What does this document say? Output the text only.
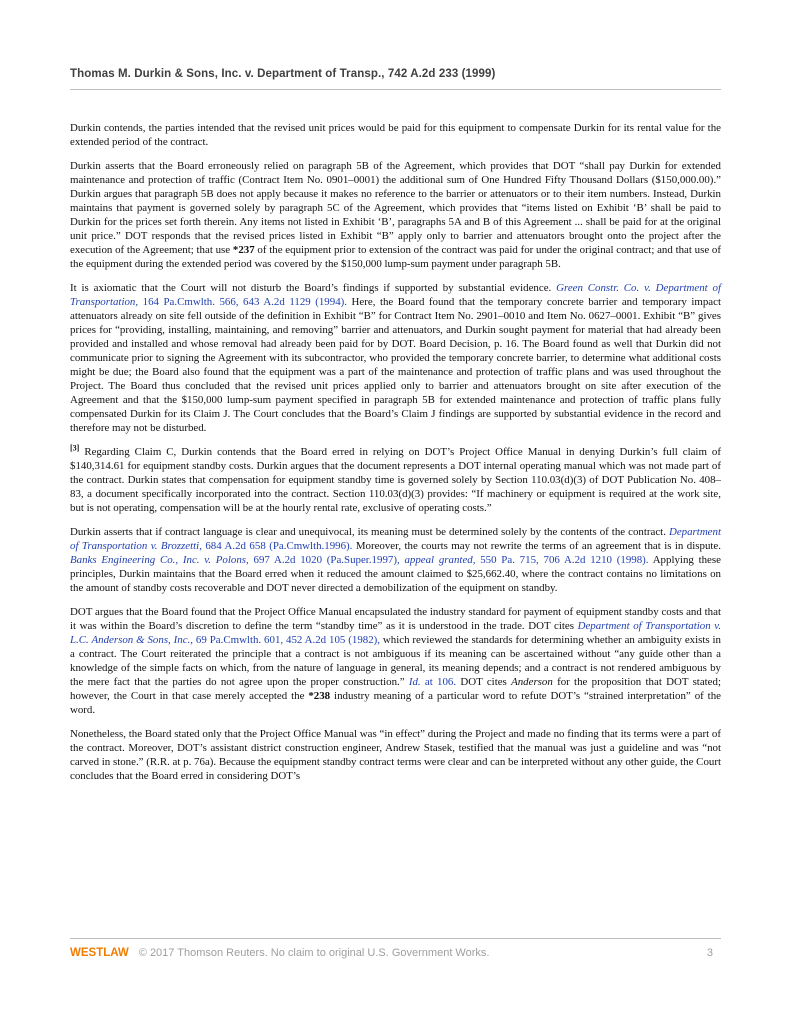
Thomas M. Durkin & Sons, Inc. v. Department of Transp., 742 A.2d 233 (1999)

Durkin contends, the parties intended that the revised unit prices would be paid for this equipment to compensate Durkin for its rental value for the extended period of the contract.

Durkin asserts that the Board erroneously relied on paragraph 5B of the Agreement, which provides that DOT “shall pay Durkin for extended maintenance and protection of traffic (Contract Item No. 0901–0001) the additional sum of One Hundred Fifty Thousand Dollars ($150,000.00).” Durkin argues that paragraph 5B does not apply because it makes no reference to the barrier or attenuators or to their item numbers. Instead, Durkin maintains that payment is governed solely by paragraph 5C of the Agreement, which provides that “items listed on Exhibit ‘B’ shall be paid to Durkin for the prices set forth therein. Any items not listed in Exhibit ‘B’, paragraphs 5A and B of this Agreement ... shall be paid for at the original unit price.” DOT responds that the revised prices listed in Exhibit “B” apply only to barrier and attenuators brought onto the project after the execution of the Agreement; that use *237 of the equipment prior to extension of the contract was paid for under the original contract; and that use of the equipment during the extended period was covered by the $150,000 lump-sum payment under paragraph 5B.

It is axiomatic that the Court will not disturb the Board’s findings if supported by substantial evidence. Green Constr. Co. v. Department of Transportation, 164 Pa.Cmwlth. 566, 643 A.2d 1129 (1994). Here, the Board found that the temporary concrete barrier and temporary impact attenuators already on site fell outside of the definition in Exhibit “B” for Contract Item No. 2901–0010 and Item No. 0627–0001. Exhibit “B” gives prices for “providing, installing, maintaining, and removing” barrier and attenuators, and Durkin sought payment for material that had already been provided and installed and whose removal had already been paid for by DOT. Board Decision, p. 16. The Board found as well that Durkin did not communicate prior to signing the Agreement with its subcontractor, who provided the temporary concrete barrier, to determine what additional costs might be due; the Board also found that the equipment was a part of the maintenance and protection of traffic plans and was used throughout the Project. The Board thus concluded that the revised unit prices applied only to barrier and attenuators brought on site after execution of the Agreement and that the $150,000 lump-sum payment specified in paragraph 5B for extended maintenance and protection of traffic plans fully compensated Durkin for its Claim J. The Court concludes that the Board’s Claim J findings are supported by substantial evidence in the record and therefore may not be disturbed.

[3] Regarding Claim C, Durkin contends that the Board erred in relying on DOT’s Project Office Manual in denying Durkin’s full claim of $140,314.61 for equipment standby costs. Durkin argues that the document represents a DOT internal operating manual which was not made part of the contract. Durkin states that compensation for equipment standby time is governed solely by Section 110.03(d)(3) of DOT Publication No. 408–83, a document specifically incorporated into the contract. Section 110.03(d)(3) provides: “If machinery or equipment is required at the work site, but is not operating, compensation will be at the hourly rental rate, exclusive of operating costs.”

Durkin asserts that if contract language is clear and unequivocal, its meaning must be determined solely by the contents of the contract. Department of Transportation v. Brozzetti, 684 A.2d 658 (Pa.Cmwlth.1996). Moreover, the courts may not rewrite the terms of an agreement that is in dispute. Banks Engineering Co., Inc. v. Polons, 697 A.2d 1020 (Pa.Super.1997), appeal granted, 550 Pa. 715, 706 A.2d 1210 (1998). Applying these principles, Durkin maintains that the Board erred when it reduced the amount claimed to $25,662.40, where the contract contains no limitations on the amount of standby costs recoverable and DOT never directed a demobilization of the equipment on standby.

DOT argues that the Board found that the Project Office Manual encapsulated the industry standard for payment of equipment standby costs and that it was within the Board’s discretion to define the term “standby time” as it is understood in the trade. DOT cites Department of Transportation v. L.C. Anderson & Sons, Inc., 69 Pa.Cmwlth. 601, 452 A.2d 105 (1982), which reviewed the standards for determining whether an ambiguity exists in a contract. The Court reiterated the principle that a contract is not ambiguous if its meaning can be ascertained without “any guide other than a knowledge of the simple facts on which, from the nature of language in general, its meaning depends; and a contract is not rendered ambiguous by the mere fact that the parties do not agree upon the proper construction.” Id. at 106. DOT cites Anderson for the proposition that DOT stated; however, the Court in that case merely accepted the *238 industry meaning of a particular word to refute DOT’s “strained interpretation” of the word.

Nonetheless, the Board stated only that the Project Office Manual was “in effect” during the Project and made no finding that its terms were a part of the contract. Moreover, DOT’s assistant district construction engineer, Andrew Stasek, testified that the manual was just a guideline and was “not carved in stone.” (R.R. at p. 76a). Because the equipment standby contract terms were clear and can be interpreted without any other guide, the Court concludes that the Board erred in considering DOT’s

WESTLAW © 2017 Thomson Reuters. No claim to original U.S. Government Works.	3
